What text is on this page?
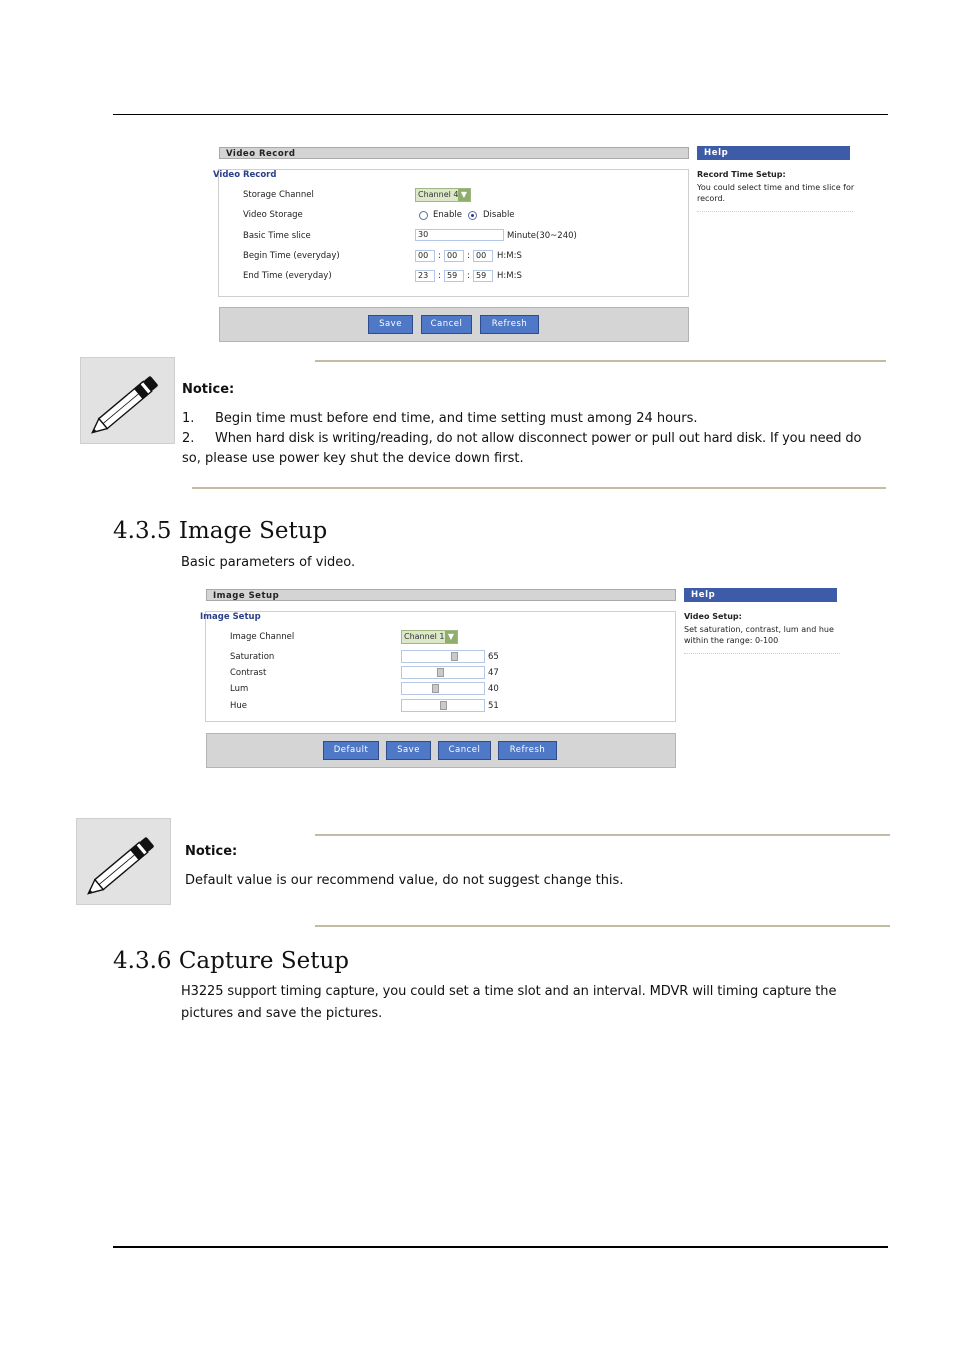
Video Record	Help
Video Record
Storage Channel	Channel 4 ▼
Video Storage	Enable Disable
Basic Time slice	30	Minute(30~240)
Begin Time (everyday)	00	: 00	: 00	H:M:S
End Time (everyday)	23	: 59	: 59	H:M:S
Save	Cancel	Refresh
Record Time Setup:
You could select time and time slice for
record.
Notice:
1. Begin time must before end time, and time setting must among 24 hours.
2. When hard disk is writing/reading, do not allow disconnect power or pull out hard disk. If you need do
so, please use power key shut the device down first.
4.3.5 Image Setup
Basic parameters of video.
Image Setup	Help
Image Setup
Image Channel	Channel 1 ▼
Saturation	65
Contrast	47
Lum	40
Hue	51
Default	Save	Cancel	Refresh
Video Setup:
Set saturation, contrast, lum and hue
within the range: 0-100
Notice:
Default value is our recommend value, do not suggest change this.
4.3.6 Capture Setup
H3225 support timing capture, you could set a time slot and an interval. MDVR will timing capture the
pictures and save the pictures.
